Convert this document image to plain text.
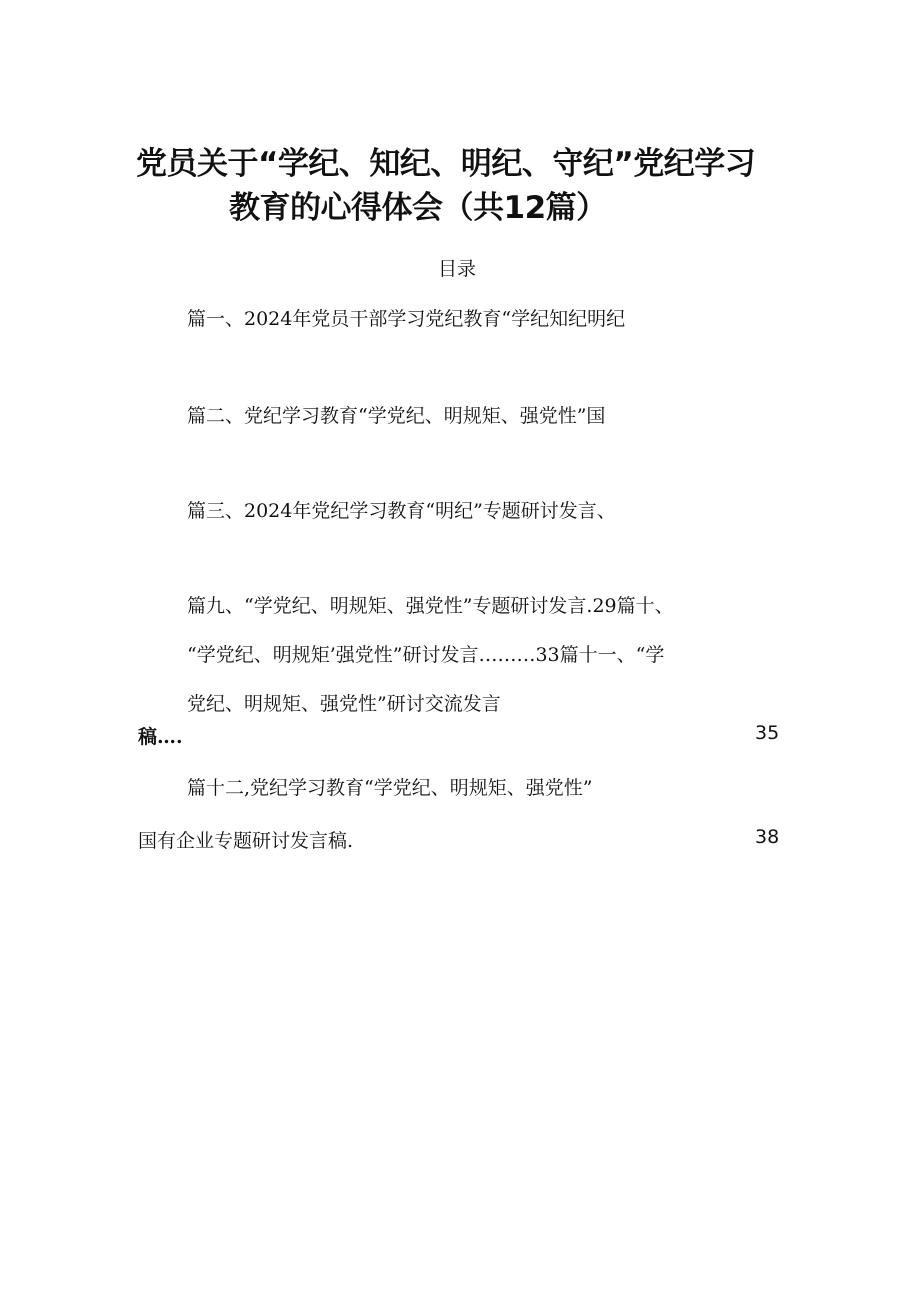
党员关于“学纪、知纪、明纪、守纪”党纪学习
教育的心得体会（共12篇）
目录
篇一、2024年党员干部学习党纪教育“学纪知纪明纪
篇二、党纪学习教育“学党纪、明规矩、强党性”国
篇三、2024年党纪学习教育“明纪”专题研讨发言、
篇九、“学党纪、明规矩、强党性”专题研讨发言.29篇十、
“学党纪、明规矩’强党性”研讨发言………33篇十一、“学
党纪、明规矩、强党性”研讨交流发言
稿….	35
篇十二,党纪学习教育“学党纪、明规矩、强党性”
国有企业专题研讨发言稿.	38
